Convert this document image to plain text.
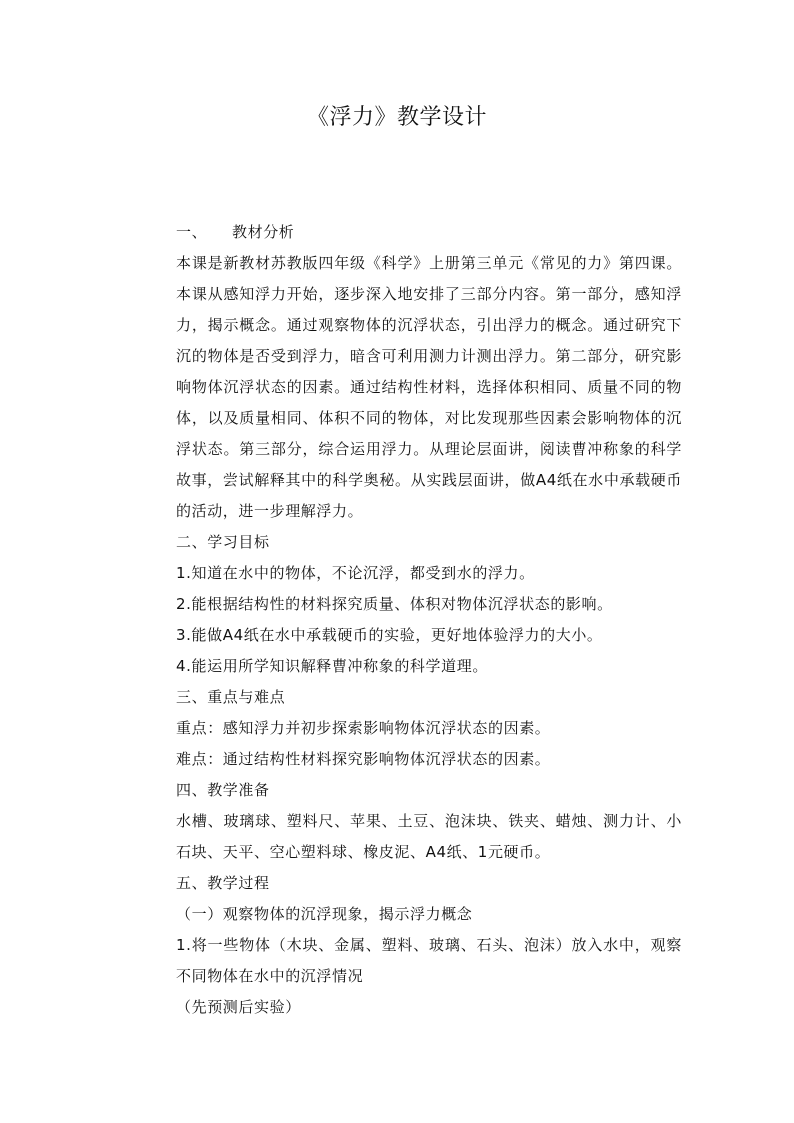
《浮力》教学设计

一、 教材分析

本课是新教材苏教版四年级《科学》上册第三单元《常见的力》第四课。本课从感知浮力开始，逐步深入地安排了三部分内容。第一部分，感知浮力，揭示概念。通过观察物体的沉浮状态，引出浮力的概念。通过研究下沉的物体是否受到浮力，暗含可利用测力计测出浮力。第二部分，研究影响物体沉浮状态的因素。通过结构性材料，选择体积相同、质量不同的物体，以及质量相同、体积不同的物体，对比发现那些因素会影响物体的沉浮状态。第三部分，综合运用浮力。从理论层面讲，阅读曹冲称象的科学故事，尝试解释其中的科学奥秘。从实践层面讲，做A4纸在水中承载硬币的活动，进一步理解浮力。

二、学习目标

1.知道在水中的物体，不论沉浮，都受到水的浮力。

2.能根据结构性的材料探究质量、体积对物体沉浮状态的影响。

3.能做A4纸在水中承载硬币的实验，更好地体验浮力的大小。

4.能运用所学知识解释曹冲称象的科学道理。

三、重点与难点

重点：感知浮力并初步探索影响物体沉浮状态的因素。

难点：通过结构性材料探究影响物体沉浮状态的因素。

四、教学准备

水槽、玻璃球、塑料尺、苹果、土豆、泡沫块、铁夹、蜡烛、测力计、小石块、天平、空心塑料球、橡皮泥、A4纸、1元硬币。

五、教学过程

（一）观察物体的沉浮现象，揭示浮力概念

1.将一些物体（木块、金属、塑料、玻璃、石头、泡沫）放入水中，观察不同物体在水中的沉浮情况

（先预测后实验）
